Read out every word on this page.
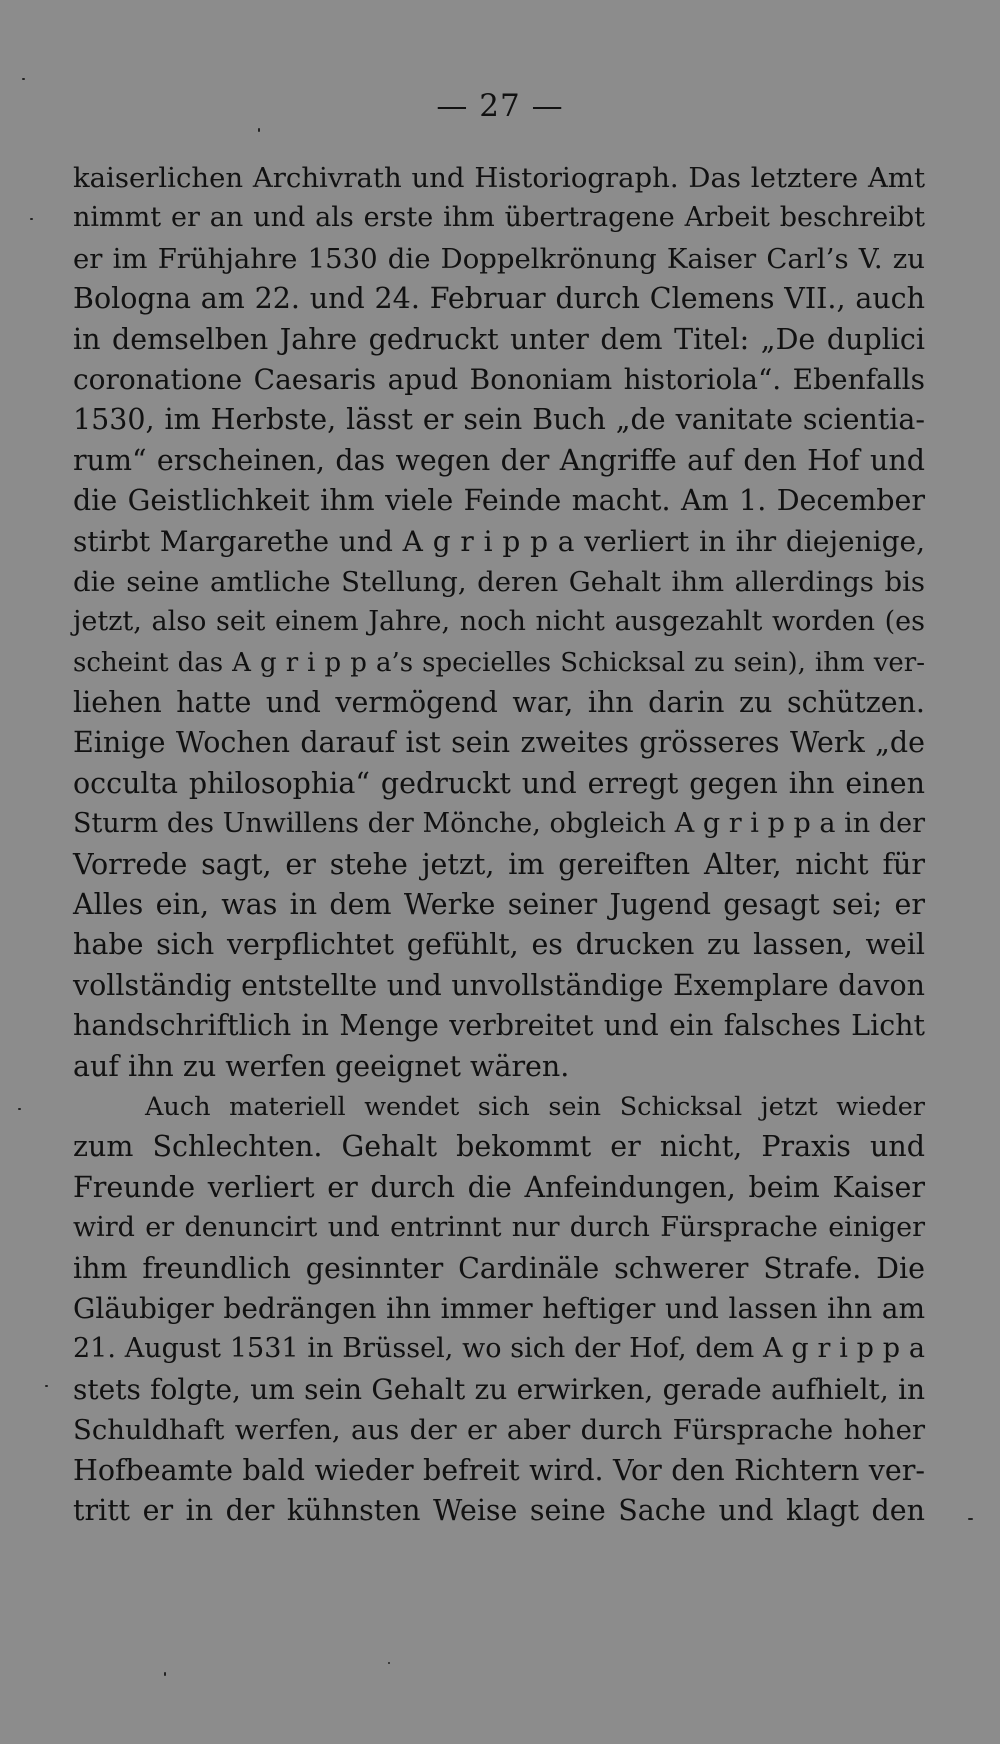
— 27 —
kaiserlichen Archivrath und Historiograph. Das letztere Amt
nimmt er an und als erste ihm übertragene Arbeit beschreibt
er im Frühjahre 1530 die Doppelkrönung Kaiser Carl’s V. zu
Bologna am 22. und 24. Februar durch Clemens VII., auch
in demselben Jahre gedruckt unter dem Titel: „De duplici
coronatione Caesaris apud Bononiam historiola“. Ebenfalls
1530, im Herbste, lässt er sein Buch „de vanitate scientia-
rum“ erscheinen, das wegen der Angriffe auf den Hof und
die Geistlichkeit ihm viele Feinde macht. Am 1. December
stirbt Margarethe und A g r i p p a verliert in ihr diejenige,
die seine amtliche Stellung, deren Gehalt ihm allerdings bis
jetzt, also seit einem Jahre, noch nicht ausgezahlt worden (es
scheint das A g r i p p a’s specielles Schicksal zu sein), ihm ver-
liehen hatte und vermögend war, ihn darin zu schützen.
Einige Wochen darauf ist sein zweites grösseres Werk „de
occulta philosophia“ gedruckt und erregt gegen ihn einen
Sturm des Unwillens der Mönche, obgleich A g r i p p a in der
Vorrede sagt, er stehe jetzt, im gereiften Alter, nicht für
Alles ein, was in dem Werke seiner Jugend gesagt sei; er
habe sich verpflichtet gefühlt, es drucken zu lassen, weil
vollständig entstellte und unvollständige Exemplare davon
handschriftlich in Menge verbreitet und ein falsches Licht
auf ihn zu werfen geeignet wären.
Auch materiell wendet sich sein Schicksal jetzt wieder
zum Schlechten. Gehalt bekommt er nicht, Praxis und
Freunde verliert er durch die Anfeindungen, beim Kaiser
wird er denuncirt und entrinnt nur durch Fürsprache einiger
ihm freundlich gesinnter Cardinäle schwerer Strafe. Die
Gläubiger bedrängen ihn immer heftiger und lassen ihn am
21. August 1531 in Brüssel, wo sich der Hof, dem A g r i p p a
stets folgte, um sein Gehalt zu erwirken, gerade aufhielt, in
Schuldhaft werfen, aus der er aber durch Fürsprache hoher
Hofbeamte bald wieder befreit wird. Vor den Richtern ver-
tritt er in der kühnsten Weise seine Sache und klagt den
